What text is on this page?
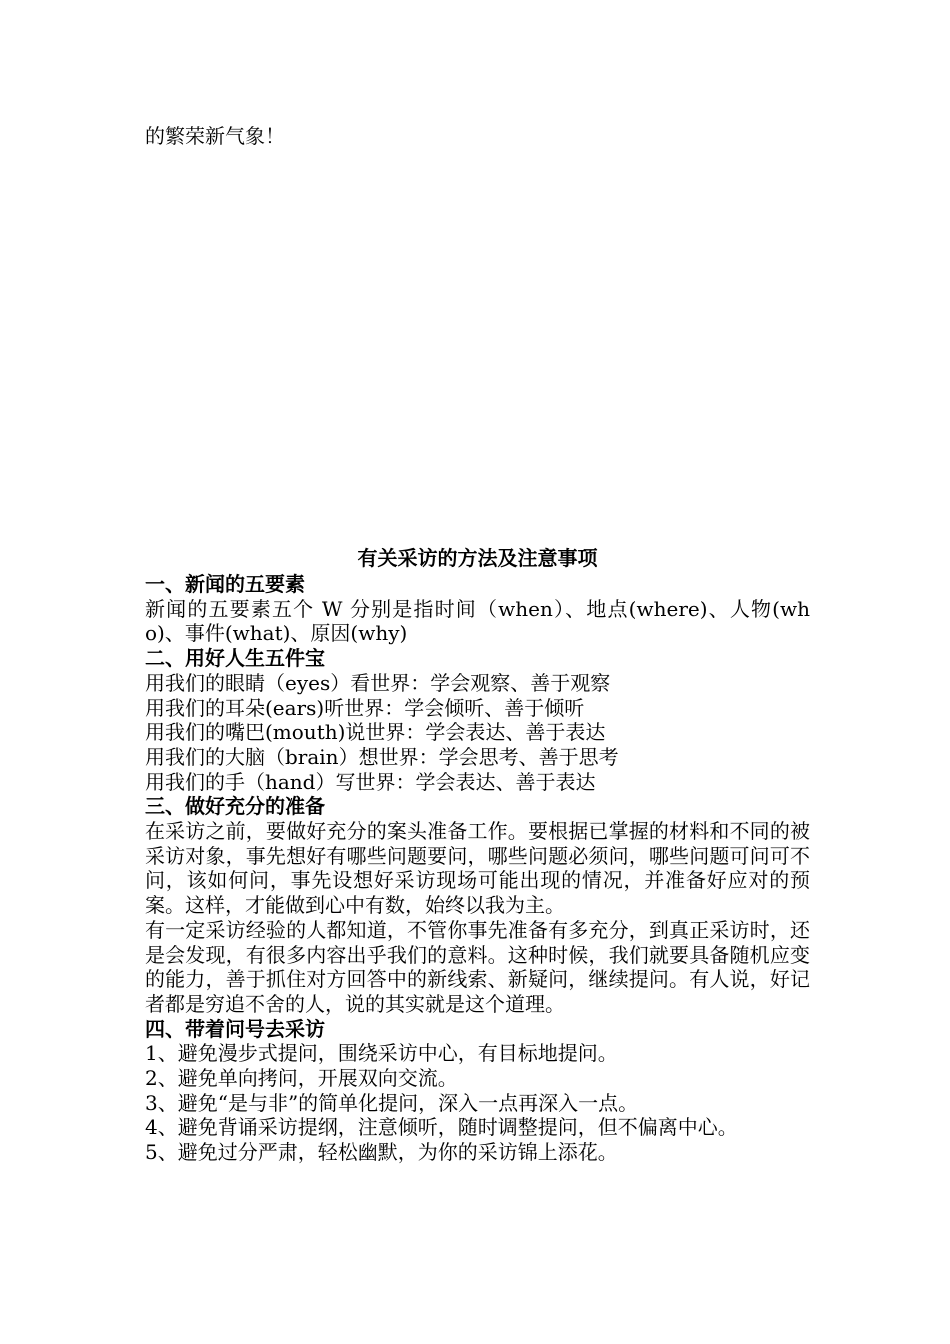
的繁荣新气象！

有关采访的方法及注意事项

一、新闻的五要素

新闻的五要素五个 W 分别是指时间（when）、地点(where)、人物(who)、事件(what)、原因(why)

二、用好人生五件宝

用我们的眼睛（eyes）看世界：学会观察、善于观察

用我们的耳朵(ears)听世界：学会倾听、善于倾听

用我们的嘴巴(mouth)说世界：学会表达、善于表达

用我们的大脑（brain）想世界：学会思考、善于思考

用我们的手（hand）写世界：学会表达、善于表达

三、做好充分的准备

在采访之前，要做好充分的案头准备工作。要根据已掌握的材料和不同的被采访对象，事先想好有哪些问题要问，哪些问题必须问，哪些问题可问可不问，该如何问，事先设想好采访现场可能出现的情况，并准备好应对的预案。这样，才能做到心中有数，始终以我为主。

有一定采访经验的人都知道，不管你事先准备有多充分，到真正采访时，还是会发现，有很多内容出乎我们的意料。这种时候，我们就要具备随机应变的能力，善于抓住对方回答中的新线索、新疑问，继续提问。有人说，好记者都是穷追不舍的人，说的其实就是这个道理。

四、带着问号去采访

1、避免漫步式提问，围绕采访中心，有目标地提问。

2、避免单向拷问，开展双向交流。

3、避免“是与非”的简单化提问，深入一点再深入一点。

4、避免背诵采访提纲，注意倾听，随时调整提问，但不偏离中心。

5、避免过分严肃，轻松幽默，为你的采访锦上添花。
